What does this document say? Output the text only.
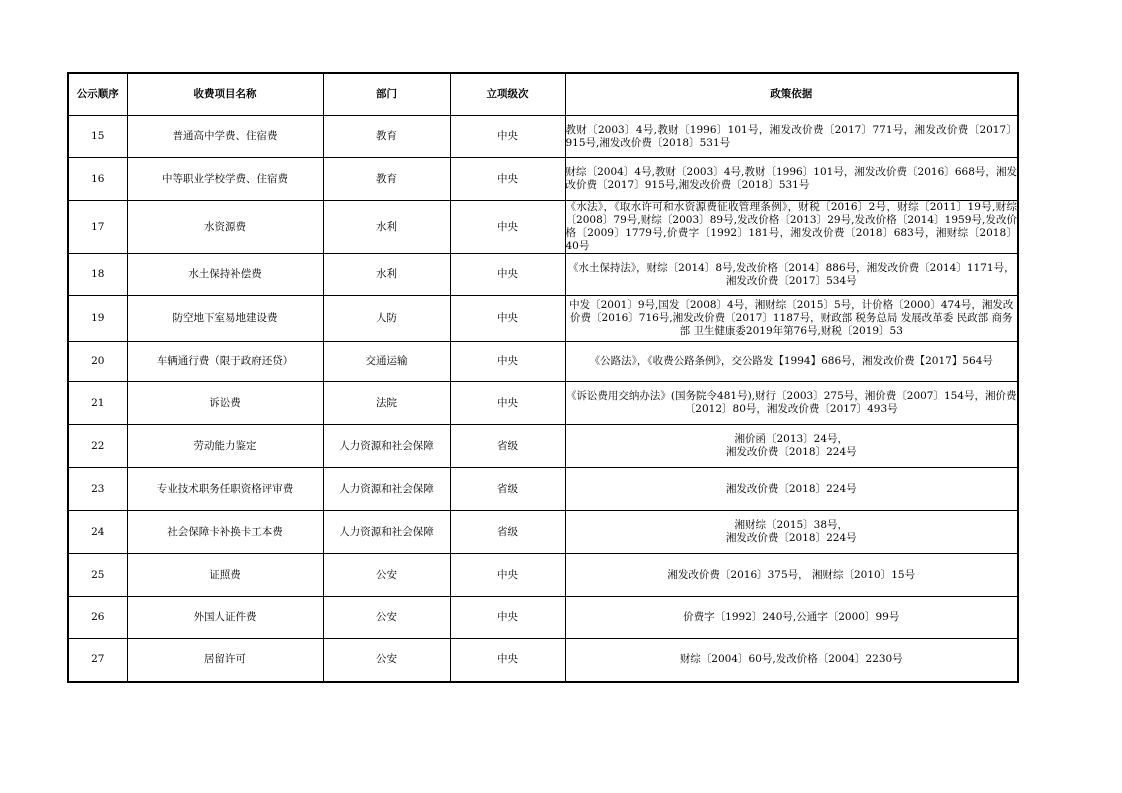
公示顺序	收费项目名称	部门	立项级次	政策依据
15	普通高中学费、住宿费	教育	中央	教财〔2003〕4号,教财〔1996〕101号，湘发改价费〔2017〕771号，湘发改价费〔2017〕915号,湘发改价费〔2018〕531号
16	中等职业学校学费、住宿费	教育	中央	财综〔2004〕4号,教财〔2003〕4号,教财〔1996〕101号，湘发改价费〔2016〕668号，湘发改价费〔2017〕915号,湘发改价费〔2018〕531号
17	水资源费	水利	中央	《水法》，《取水许可和水资源费征收管理条例》，财税〔2016〕2号，财综〔2011〕19号,财综〔2008〕79号,财综〔2003〕89号,发改价格〔2013〕29号,发改价格〔2014〕1959号,发改价格〔2009〕1779号,价费字〔1992〕181号，湘发改价费〔2018〕683号，湘财综〔2018〕40号
18	水土保持补偿费	水利	中央	《水土保持法》，财综〔2014〕8号,发改价格〔2014〕886号，湘发改价费〔2014〕1171号，湘发改价费〔2017〕534号
19	防空地下室易地建设费	人防	中央	中发〔2001〕9号,国发〔2008〕4号，湘财综〔2015〕5号，计价格〔2000〕474号，湘发改价费〔2016〕716号,湘发改价费〔2017〕1187号，财政部 税务总局 发展改革委 民政部 商务部 卫生健康委2019年第76号,财税〔2019〕53
20	车辆通行费（限于政府还贷）	交通运输	中央	《公路法》，《收费公路条例》，交公路发【1994】686号，湘发改价费【2017】564号
21	诉讼费	法院	中央	《诉讼费用交纳办法》(国务院令481号),财行〔2003〕275号，湘价费〔2007〕154号，湘价费〔2012〕80号，湘发改价费〔2017〕493号
22	劳动能力鉴定	人力资源和社会保障	省级	湘价函〔2013〕24号，
湘发改价费〔2018〕224号
23	专业技术职务任职资格评审费	人力资源和社会保障	省级	湘发改价费〔2018〕224号
24	社会保障卡补换卡工本费	人力资源和社会保障	省级	湘财综〔2015〕38号，
湘发改价费〔2018〕224号
25	证照费	公安	中央	湘发改价费〔2016〕375号， 湘财综〔2010〕15号
26	外国人证件费	公安	中央	价费字〔1992〕240号,公通字〔2000〕99号
27	居留许可	公安	中央	财综〔2004〕60号,发改价格〔2004〕2230号
